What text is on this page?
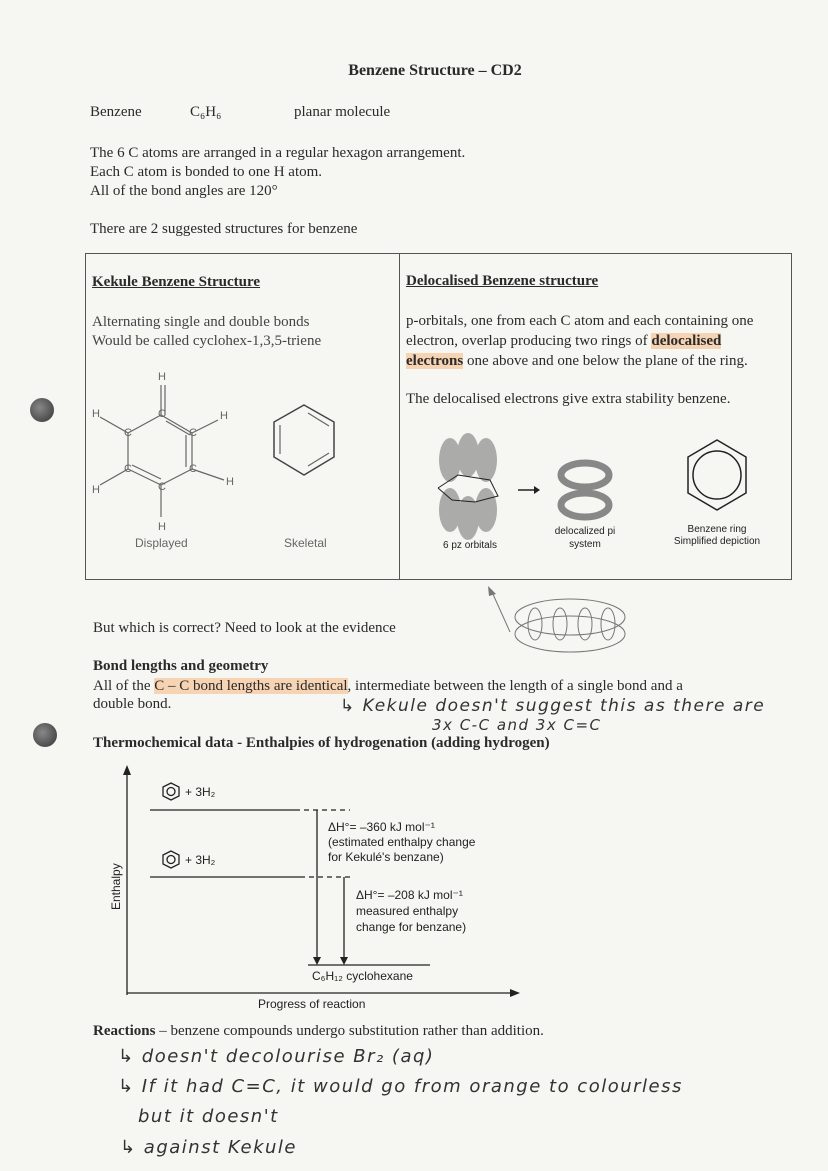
Benzene Structure – CD2
Benzene	C₆H₆	planar molecule
The 6 C atoms are arranged in a regular hexagon arrangement.
Each C atom is bonded to one H atom.
All of the bond angles are 120°
There are 2 suggested structures for benzene
Kekule Benzene Structure
Alternating single and double bonds
Would be called cyclohex-1,3,5-triene
H
C
C	C
C	C
C
H	H
H
H
H
Displayed	Skeletal
Delocalised Benzene structure
p-orbitals, one from each C atom and each containing one
electron, overlap producing two rings of delocalised
electrons one above and one below the plane of the ring.
The delocalised electrons give extra stability benzene.
6 pz orbitals
delocalized pi
system
Benzene ring
Simplified depiction
But which is correct? Need to look at the evidence
Bond lengths and geometry
All of the C – C bond lengths are identical, intermediate between the length of a single bond and a
double bond.	↳ Kekule doesn't suggest this as there are
3x C-C and 3x C=C
Thermochemical data - Enthalpies of hydrogenation (adding hydrogen)
+ 3H₂
+ 3H₂
ΔH°= –360 kJ mol⁻¹
(estimated enthalpy change
for Kekulé's benzane)
ΔH°= –208 kJ mol⁻¹
measured enthalpy
change for benzane)
C₆H₁₂ cyclohexane
Progress of reaction
Enthalpy
Reactions – benzene compounds undergo substitution rather than addition.
↳ doesn't decolourise Br₂ (aq)
↳ If it had C=C, it would go from orange to colourless
but it doesn't
↳ against Kekule
